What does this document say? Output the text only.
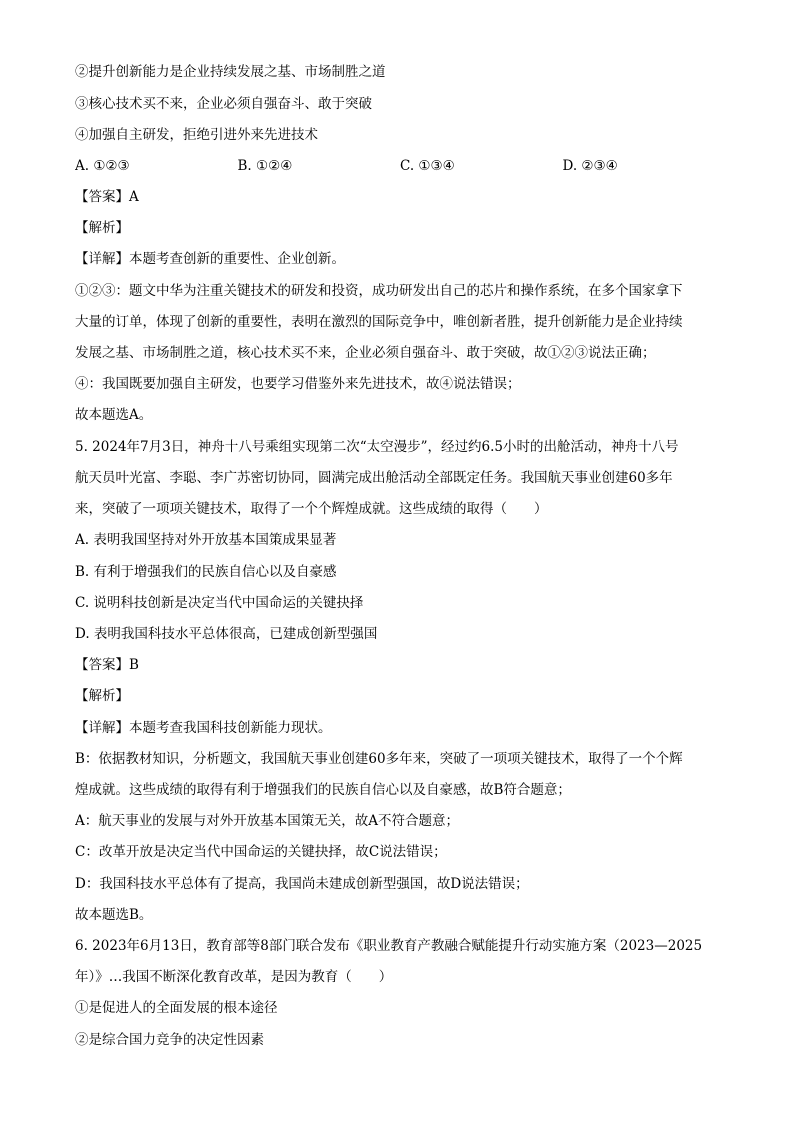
②提升创新能力是企业持续发展之基、市场制胜之道
③核心技术买不来，企业必须自强奋斗、敢于突破
④加强自主研发，拒绝引进外来先进技术
A. ①②③	B. ①②④	C. ①③④	D. ②③④
【答案】A
【解析】
【详解】本题考查创新的重要性、企业创新。
①②③：题文中华为注重关键技术的研发和投资，成功研发出自己的芯片和操作系统，在多个国家拿下
大量的订单，体现了创新的重要性，表明在激烈的国际竞争中，唯创新者胜，提升创新能力是企业持续
发展之基、市场制胜之道，核心技术买不来，企业必须自强奋斗、敢于突破，故①②③说法正确；
④：我国既要加强自主研发，也要学习借鉴外来先进技术，故④说法错误；
故本题选A。
5. 2024年7月3日，神舟十八号乘组实现第二次“太空漫步”，经过约6.5小时的出舱活动，神舟十八号
航天员叶光富、李聪、李广苏密切协同，圆满完成出舱活动全部既定任务。我国航天事业创建60多年
来，突破了一项项关键技术，取得了一个个辉煌成就。这些成绩的取得（　　）
A. 表明我国坚持对外开放基本国策成果显著
B. 有利于增强我们的民族自信心以及自豪感
C. 说明科技创新是决定当代中国命运的关键抉择
D. 表明我国科技水平总体很高，已建成创新型强国
【答案】B
【解析】
【详解】本题考查我国科技创新能力现状。
B：依据教材知识，分析题文，我国航天事业创建60多年来，突破了一项项关键技术，取得了一个个辉
煌成就。这些成绩的取得有利于增强我们的民族自信心以及自豪感，故B符合题意；
A：航天事业的发展与对外开放基本国策无关，故A不符合题意；
C：改革开放是决定当代中国命运的关键抉择，故C说法错误；
D：我国科技水平总体有了提高，我国尚未建成创新型强国，故D说法错误；
故本题选B。
6. 2023年6月13日，教育部等8部门联合发布《职业教育产教融合赋能提升行动实施方案（2023—2025
年）》…我国不断深化教育改革，是因为教育（　　）
①是促进人的全面发展的根本途径
②是综合国力竞争的决定性因素
